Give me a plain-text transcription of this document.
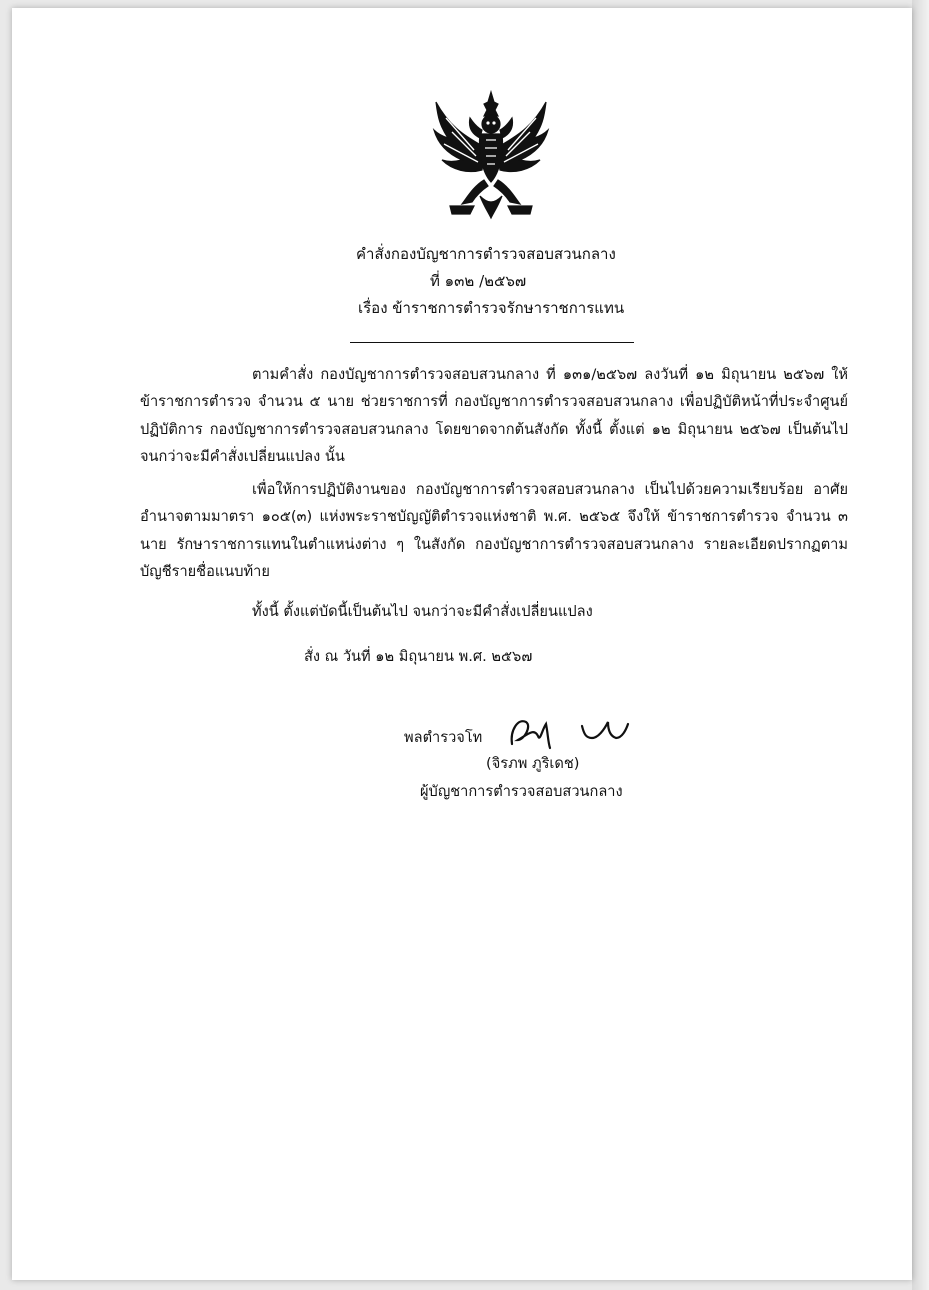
คำสั่งกองบัญชาการตำรวจสอบสวนกลาง
ที่ ๑๓๒ /๒๕๖๗
เรื่อง ข้าราชการตำรวจรักษาราชการแทน
ตามคำสั่ง กองบัญชาการตำรวจสอบสวนกลาง ที่ ๑๓๑/๒๕๖๗ ลงวันที่ ๑๒ มิถุนายน ๒๕๖๗ ให้ข้าราชการตำรวจ จำนวน ๕ นาย ช่วยราชการที่ กองบัญชาการตำรวจสอบสวนกลาง เพื่อปฏิบัติหน้าที่ประจำศูนย์ปฏิบัติการ กองบัญชาการตำรวจสอบสวนกลาง โดยขาดจากต้นสังกัด ทั้งนี้ ตั้งแต่ ๑๒ มิถุนายน ๒๕๖๗ เป็นต้นไป จนกว่าจะมีคำสั่งเปลี่ยนแปลง นั้น
เพื่อให้การปฏิบัติงานของ กองบัญชาการตำรวจสอบสวนกลาง เป็นไปด้วยความเรียบร้อย อาศัยอำนาจตามมาตรา ๑๐๕(๓) แห่งพระราชบัญญัติตำรวจแห่งชาติ พ.ศ. ๒๕๖๕ จึงให้ ข้าราชการตำรวจ จำนวน ๓ นาย รักษาราชการแทนในตำแหน่งต่าง ๆ ในสังกัด กองบัญชาการตำรวจสอบสวนกลาง รายละเอียดปรากฏตามบัญชีรายชื่อแนบท้าย
ทั้งนี้ ตั้งแต่บัดนี้เป็นต้นไป จนกว่าจะมีคำสั่งเปลี่ยนแปลง
สั่ง ณ วันที่ ๑๒ มิถุนายน พ.ศ. ๒๕๖๗
พลตำรวจโท
(จิรภพ ภูริเดช)
ผู้บัญชาการตำรวจสอบสวนกลาง
